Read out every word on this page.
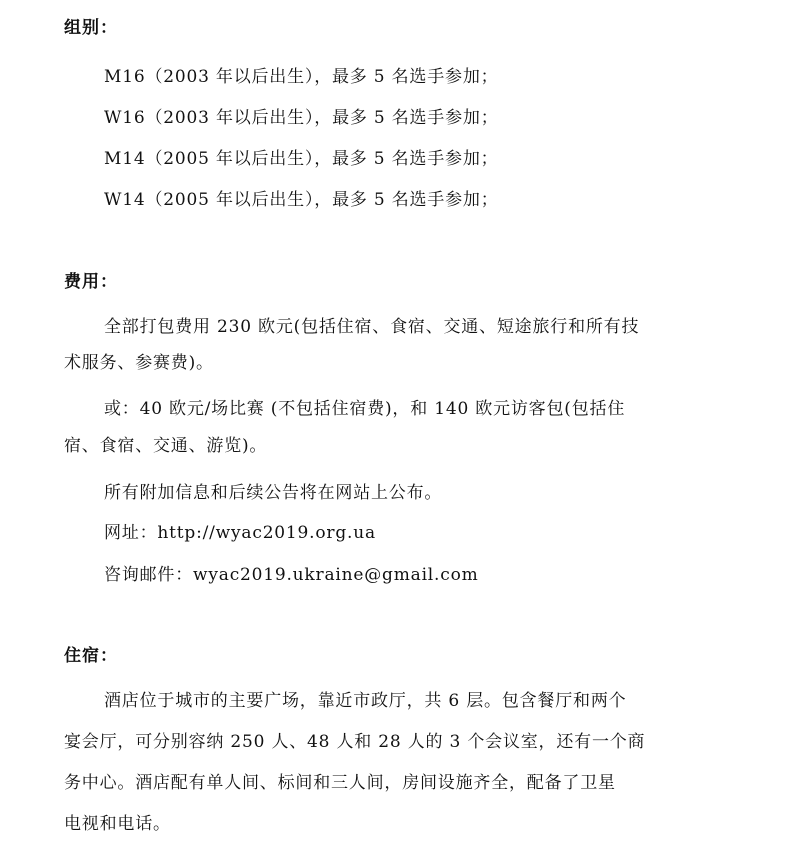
组别：
M16（2003 年以后出生），最多 5 名选手参加；
W16（2003 年以后出生），最多 5 名选手参加；
M14（2005 年以后出生），最多 5 名选手参加；
W14（2005 年以后出生），最多 5 名选手参加；
费用：
全部打包费用 230 欧元(包括住宿、食宿、交通、短途旅行和所有技
术服务、参赛费)。
或：40 欧元/场比赛 (不包括住宿费)，和 140 欧元访客包(包括住
宿、食宿、交通、游览)。
所有附加信息和后续公告将在网站上公布。
网址：http://wyac2019.org.ua
咨询邮件：wyac2019.ukraine@gmail.com
住宿：
酒店位于城市的主要广场，靠近市政厅，共 6 层。包含餐厅和两个
宴会厅，可分别容纳 250 人、48 人和 28 人的 3 个会议室，还有一个商
务中心。酒店配有单人间、标间和三人间，房间设施齐全，配备了卫星
电视和电话。
